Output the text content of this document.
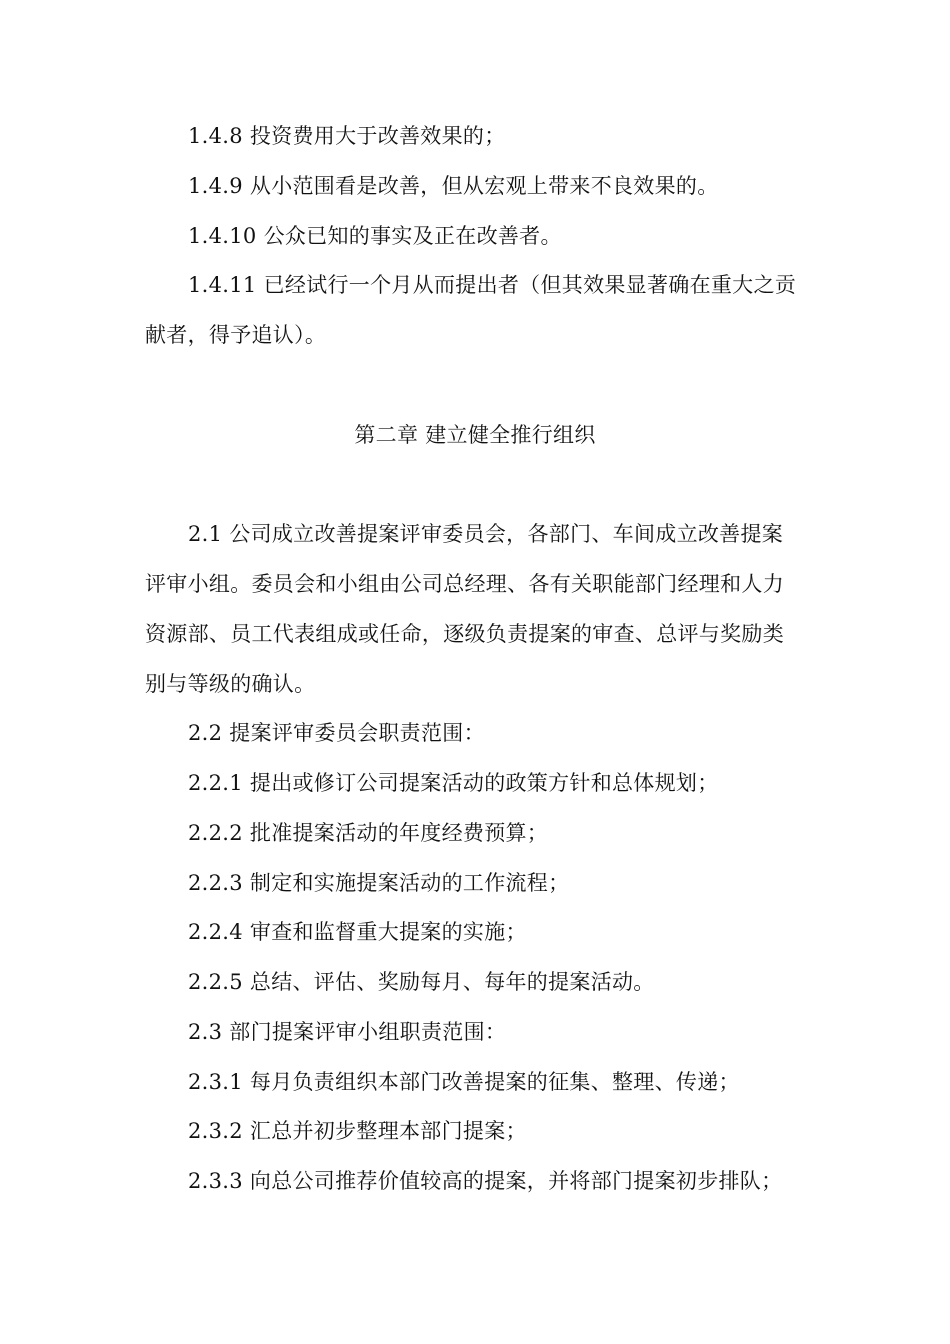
1.4.8 投资费用大于改善效果的；
1.4.9 从小范围看是改善，但从宏观上带来不良效果的。
1.4.10 公众已知的事实及正在改善者。
1.4.11 已经试行一个月从而提出者（但其效果显著确在重大之贡
献者，得予追认）。
第二章 建立健全推行组织
2.1 公司成立改善提案评审委员会，各部门、车间成立改善提案
评审小组。委员会和小组由公司总经理、各有关职能部门经理和人力
资源部、员工代表组成或任命，逐级负责提案的审查、总评与奖励类
别与等级的确认。
2.2 提案评审委员会职责范围：
2.2.1 提出或修订公司提案活动的政策方针和总体规划；
2.2.2 批准提案活动的年度经费预算；
2.2.3 制定和实施提案活动的工作流程；
2.2.4 审查和监督重大提案的实施；
2.2.5 总结、评估、奖励每月、每年的提案活动。
2.3 部门提案评审小组职责范围：
2.3.1 每月负责组织本部门改善提案的征集、整理、传递；
2.3.2 汇总并初步整理本部门提案；
2.3.3 向总公司推荐价值较高的提案，并将部门提案初步排队；
